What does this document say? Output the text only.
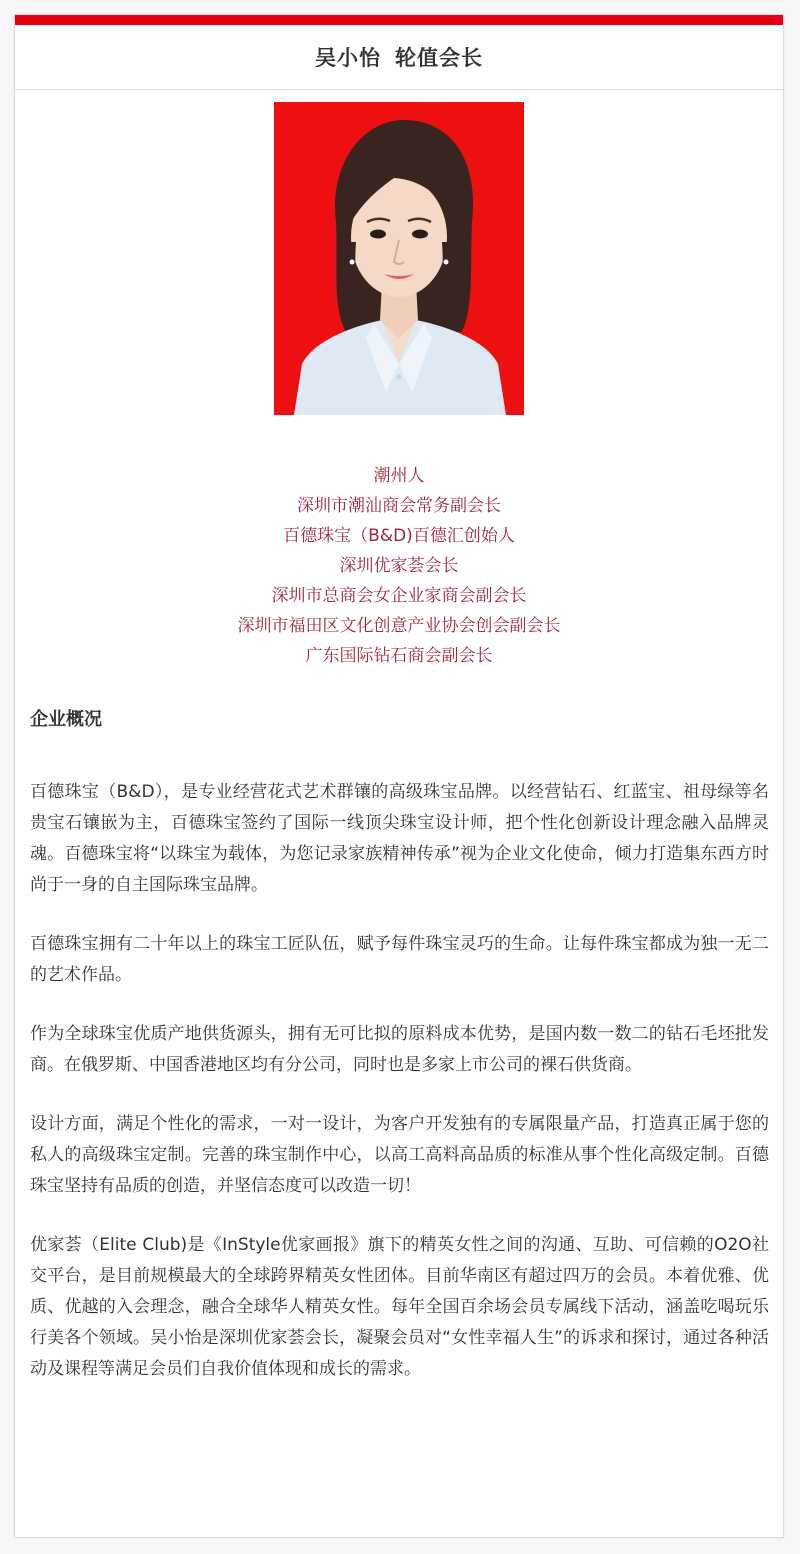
吴小怡 轮值会长
潮州人
深圳市潮汕商会常务副会长
百德珠宝（B&D)百德汇创始人
深圳优家荟会长
深圳市总商会女企业家商会副会长
深圳市福田区文化创意产业协会创会副会长
广东国际钻石商会副会长
企业概况

百德珠宝（B&D），是专业经营花式艺术群镶的高级珠宝品牌。以经营钻石、红蓝宝、祖母绿等名贵宝石镶嵌为主，百德珠宝签约了国际一线顶尖珠宝设计师，把个性化创新设计理念融入品牌灵魂。百德珠宝将“以珠宝为载体，为您记录家族精神传承”视为企业文化使命，倾力打造集东西方时尚于一身的自主国际珠宝品牌。

百德珠宝拥有二十年以上的珠宝工匠队伍，赋予每件珠宝灵巧的生命。让每件珠宝都成为独一无二的艺术作品。

作为全球珠宝优质产地供货源头，拥有无可比拟的原料成本优势，是国内数一数二的钻石毛坯批发商。在俄罗斯、中国香港地区均有分公司，同时也是多家上市公司的裸石供货商。

设计方面，满足个性化的需求，一对一设计，为客户开发独有的专属限量产品，打造真正属于您的私人的高级珠宝定制。完善的珠宝制作中心，以高工高料高品质的标准从事个性化高级定制。百德珠宝坚持有品质的创造，并坚信态度可以改造一切！

优家荟（Elite Club)是《InStyle优家画报》旗下的精英女性之间的沟通、互助、可信赖的O2O社交平台，是目前规模最大的全球跨界精英女性团体。目前华南区有超过四万的会员。本着优雅、优质、优越的入会理念，融合全球华人精英女性。每年全国百余场会员专属线下活动，涵盖吃喝玩乐行美各个领域。吴小怡是深圳优家荟会长，凝聚会员对“女性幸福人生”的诉求和探讨，通过各种活动及课程等满足会员们自我价值体现和成长的需求。
